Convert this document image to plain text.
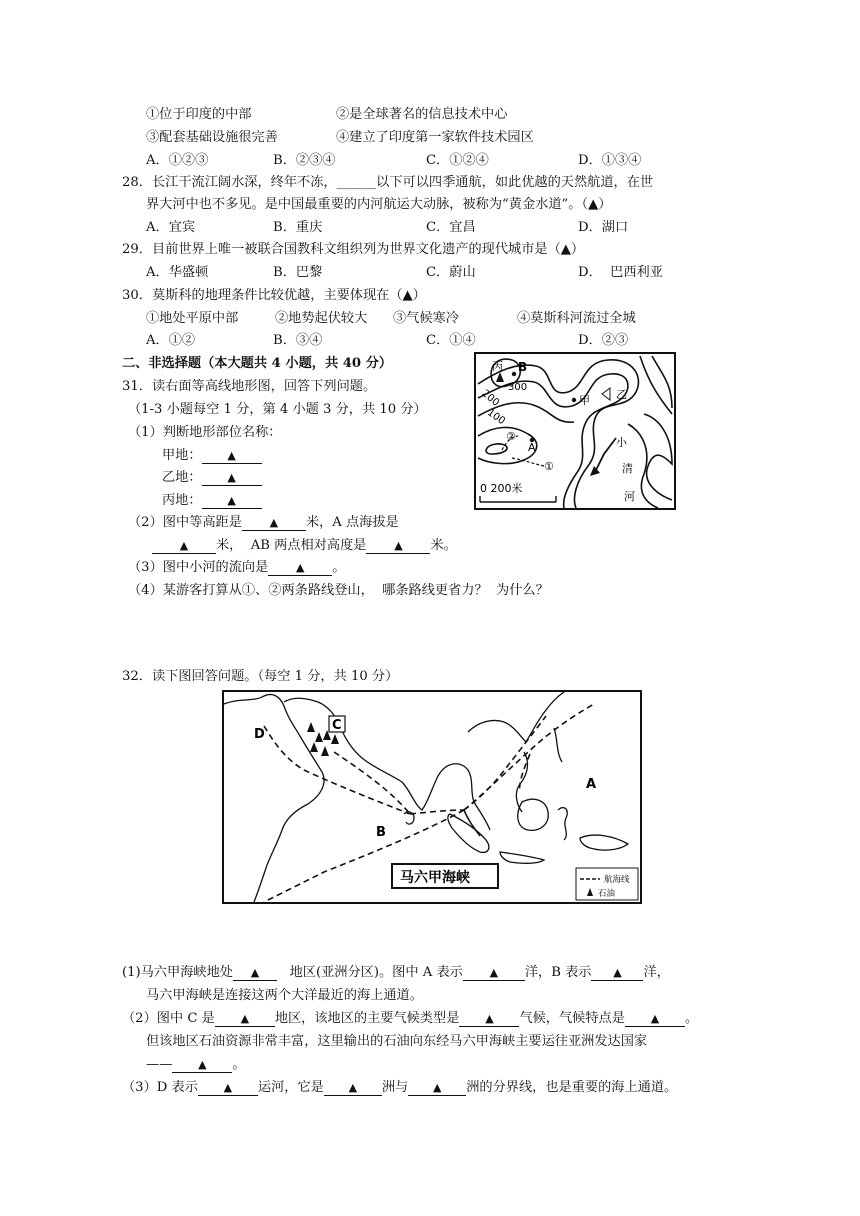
①位于印度的中部	②是全球著名的信息技术中心
③配套基础设施很完善	④建立了印度第一家软件技术园区
A．①②③	B．②③④	C．①②④	D．①③④
28．长江干流江阔水深，终年不冻，______以下可以四季通航，如此优越的天然航道，在世
界大河中也不多见。是中国最重要的内河航运大动脉，被称为“黄金水道”。（▲）
A．宜宾	B．重庆	C．宜昌	D．湖口
29．目前世界上唯一被联合国教科文组织列为世界文化遗产的现代城市是（▲）
A．华盛顿	B．巴黎	C．蔚山	D．  巴西利亚
30．莫斯科的地理条件比较优越，主要体现在（▲）
①地处平原中部	②地势起伏较大 ③气候寒冷	④莫斯科河流过全城
A．①②	B．③④	C．①④	D．②③
二、非选择题（本大题共 4 小题，共 40 分）
31．读右面等高线地形图，回答下列问题。
（1-3 小题每空 1 分，第 4 小题 3 分，共 10 分）
（1）判断地形部位名称：
甲地： ▲
乙地： ▲
丙地： ▲
（2）图中等高距是	▲ 米，A 点海拔是
▲ 米，  AB 两点相对高度是	▲ 米。
（3）图中小河的流向是	▲ 。
（4）某游客打算从①、②两条路线登山，  哪条路线更省力？  为什么？
丙 B
300
200
100
甲 乙
A
①
②	小
清
河
0 200米
32．读下图回答问题。（每空 1 分，共 10 分）
C
D
A
B
马六甲海峡	航海线
石油
(1)马六甲海峡地处 ▲ 地区(亚洲分区)。图中 A 表示 ▲ 洋，B 表示 ▲ 洋，
马六甲海峡是连接这两个大洋最近的海上通道。
（2）图中 C 是 ▲ 地区，该地区的主要气候类型是 ▲ 气候，气候特点是 ▲ 。
但该地区石油资源非常丰富，这里输出的石油向东经马六甲海峡主要运往亚洲发达国家
—— ▲ 。
（3）D 表示 ▲ 运河，它是 ▲ 洲与 ▲ 洲的分界线，也是重要的海上通道。
